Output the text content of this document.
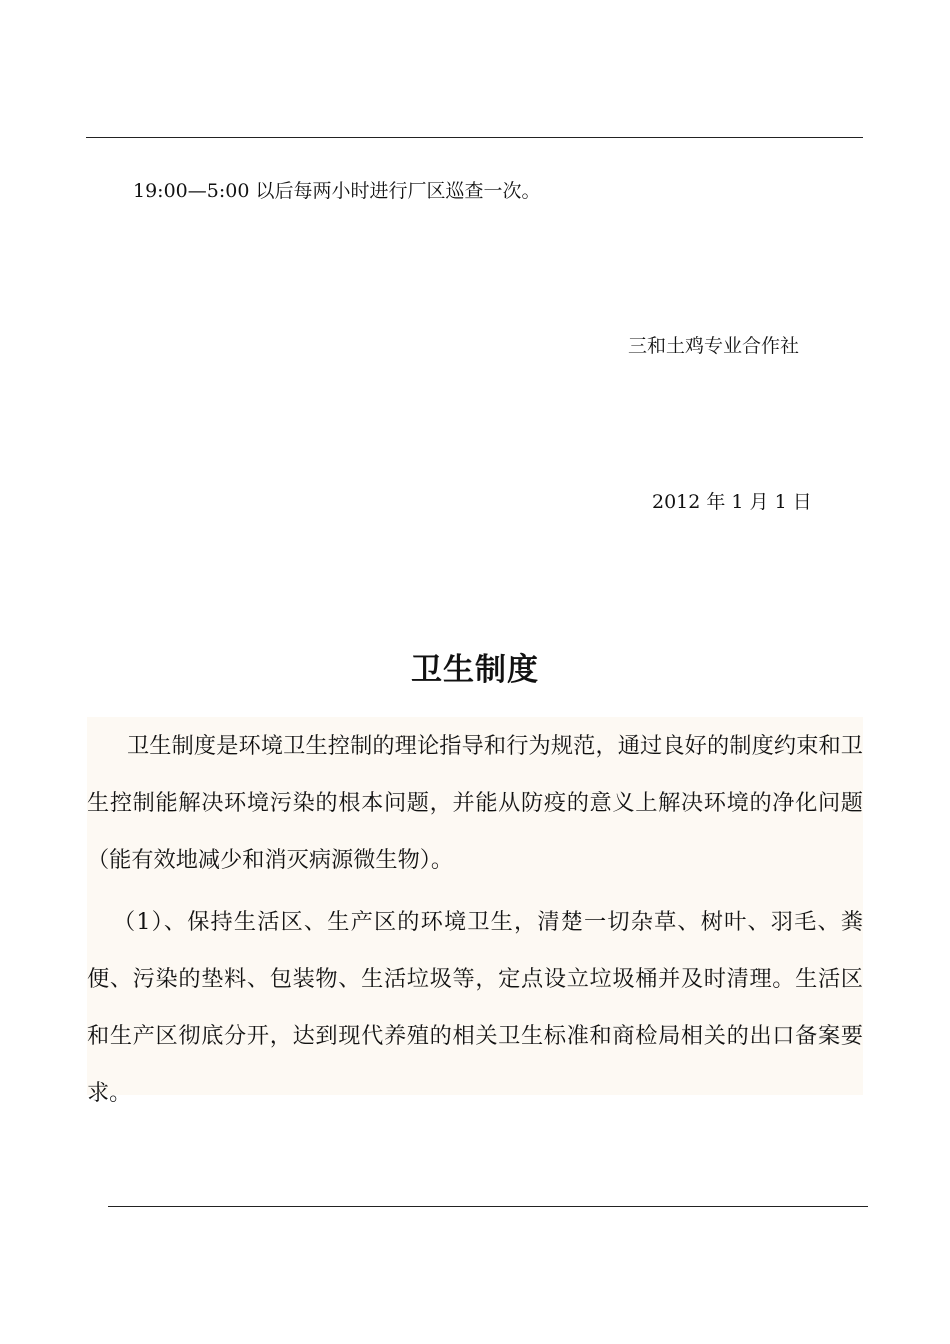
19:00—5:00 以后每两小时进行厂区巡查一次。
三和土鸡专业合作社
2012 年 1 月 1 日
卫生制度

卫生制度是环境卫生控制的理论指导和行为规范，通过良好的制度约束和卫生控制能解决环境污染的根本问题，并能从防疫的意义上解决环境的净化问题（能有效地减少和消灭病源微生物）。

（1）、保持生活区、生产区的环境卫生，清楚一切杂草、树叶、羽毛、粪便、污染的垫料、包装物、生活垃圾等，定点设立垃圾桶并及时清理。生活区和生产区彻底分开，达到现代养殖的相关卫生标准和商检局相关的出口备案要求。
